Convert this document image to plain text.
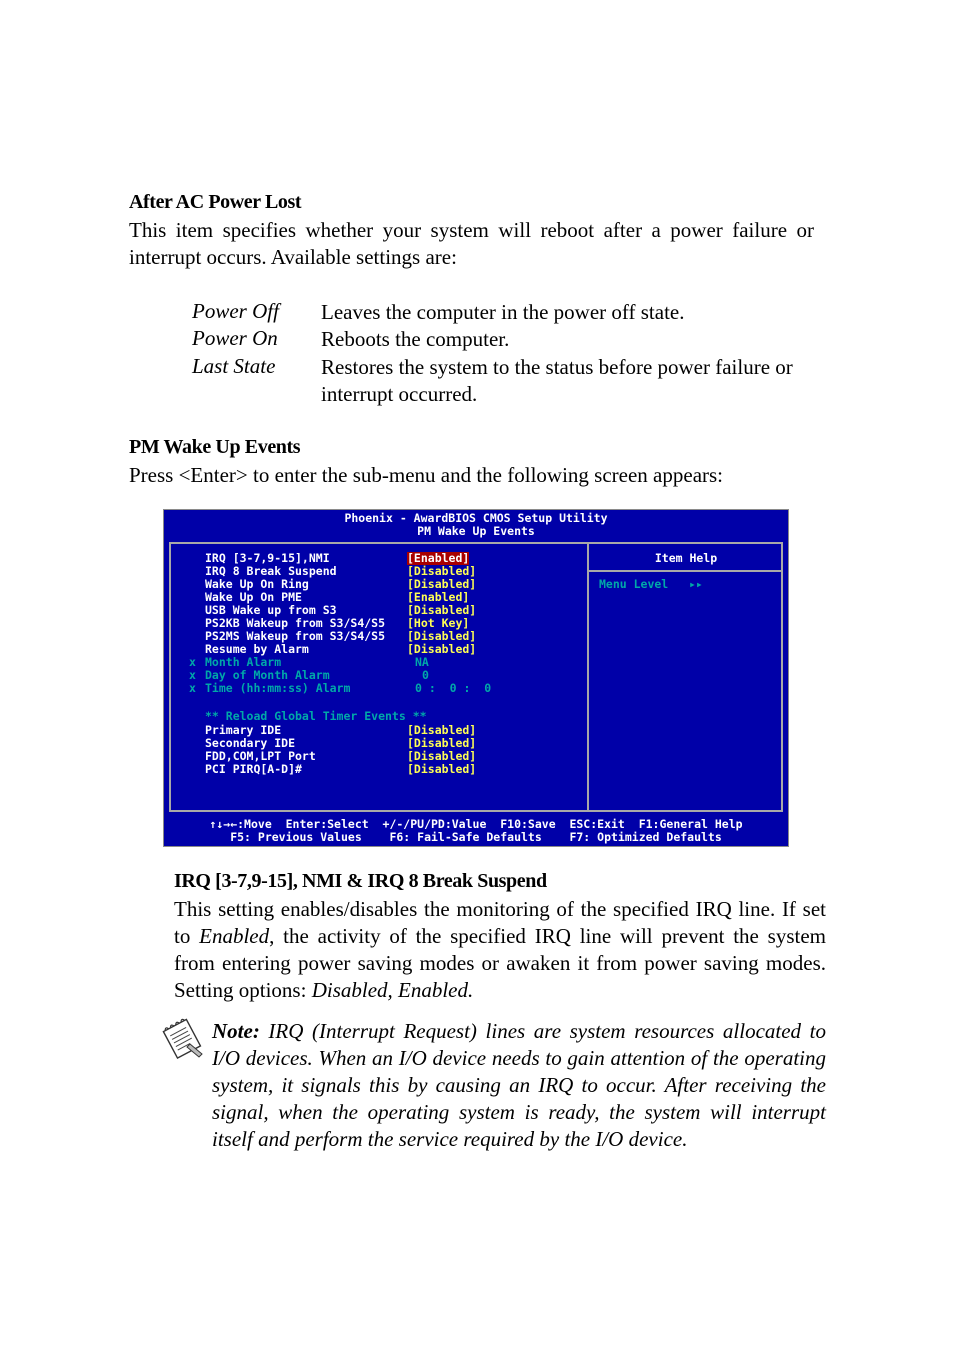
After AC Power Lost
This item specifies whether your system will reboot after a power failure or interrupt occurs. Available settings are:
Power Off Leaves the computer in the power off state.
Power On Reboots the computer.
Last State Restores the system to the status before power failure or interrupt occurred.
PM Wake Up Events
Press <Enter> to enter the sub-menu and the following screen appears:
Phoenix - AwardBIOS CMOS Setup Utility
PM Wake Up Events
IRQ [3-7,9-15],NMI	[Enabled]
IRQ 8 Break Suspend	[Disabled]
Wake Up On Ring	[Disabled]
Wake Up On PME	[Enabled]
USB Wake up from S3	[Disabled]
PS2KB Wakeup from S3/S4/S5 [Hot Key]
PS2MS Wakeup from S3/S4/S5 [Disabled]
Resume by Alarm	[Disabled]
x Month Alarm	NA
x Day of Month Alarm	0
x Time (hh:mm:ss) Alarm	0 :  0 :  0
** Reload Global Timer Events **
Primary IDE	[Disabled]
Secondary IDE	[Disabled]
FDD,COM,LPT Port	[Disabled]
PCI PIRQ[A-D]#	[Disabled]
Item Help
Menu Level   ▸▸
↑↓→←:Move  Enter:Select  +/-/PU/PD:Value  F10:Save  ESC:Exit  F1:General Help
F5: Previous Values    F6: Fail-Safe Defaults    F7: Optimized Defaults
IRQ [3-7,9-15], NMI & IRQ 8 Break Suspend
This setting enables/disables the monitoring of the specified IRQ line. If set to Enabled, the activity of the specified IRQ line will prevent the system from entering power saving modes or awaken it from power saving modes. Setting options: Disabled, Enabled.
Note: IRQ (Interrupt Request) lines are system resources allocated to I/O devices. When an I/O device needs to gain attention of the operating system, it signals this by causing an IRQ to occur. After receiving the signal, when the operating system is ready, the system will interrupt itself and perform the service required by the I/O device.
